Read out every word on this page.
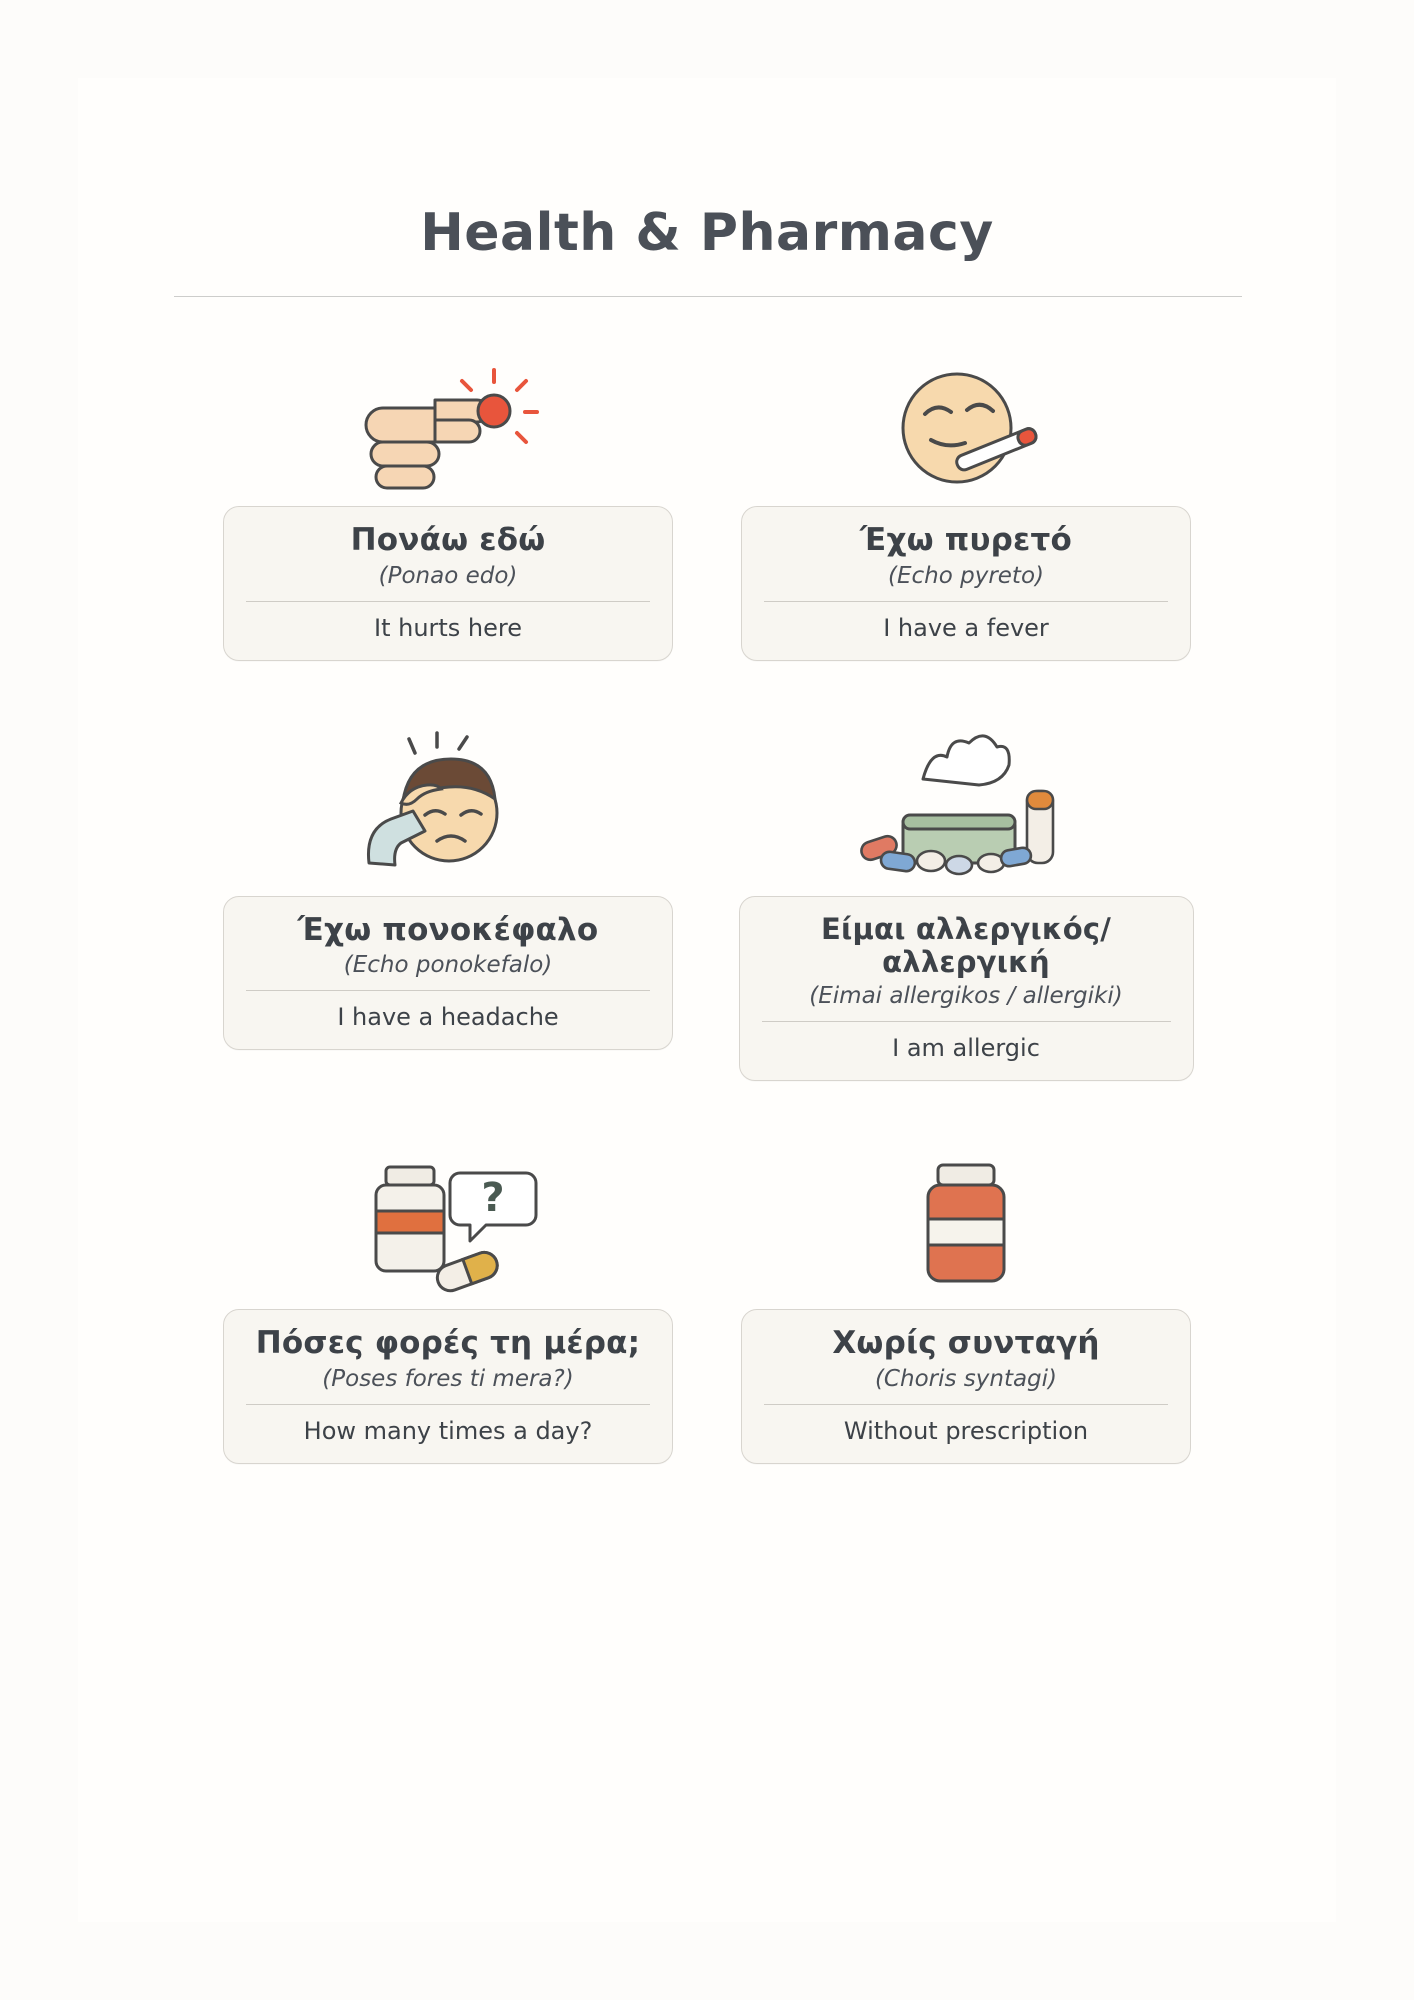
Health & Pharmacy
Πονάω εδώ
(Ponao edo)
It hurts here
Έχω πυρετό
(Echo pyreto)
I have a fever
Έχω πονοκέφαλο
(Echo ponokefalo)
I have a headache
Είμαι αλλεργικός/αλλεργική
(Eimai allergikos / allergiki)
I am allergic
?
Πόσες φορές τη μέρα;
(Poses fores ti mera?)
How many times a day?
Χωρίς συνταγή
(Choris syntagi)
Without prescription
